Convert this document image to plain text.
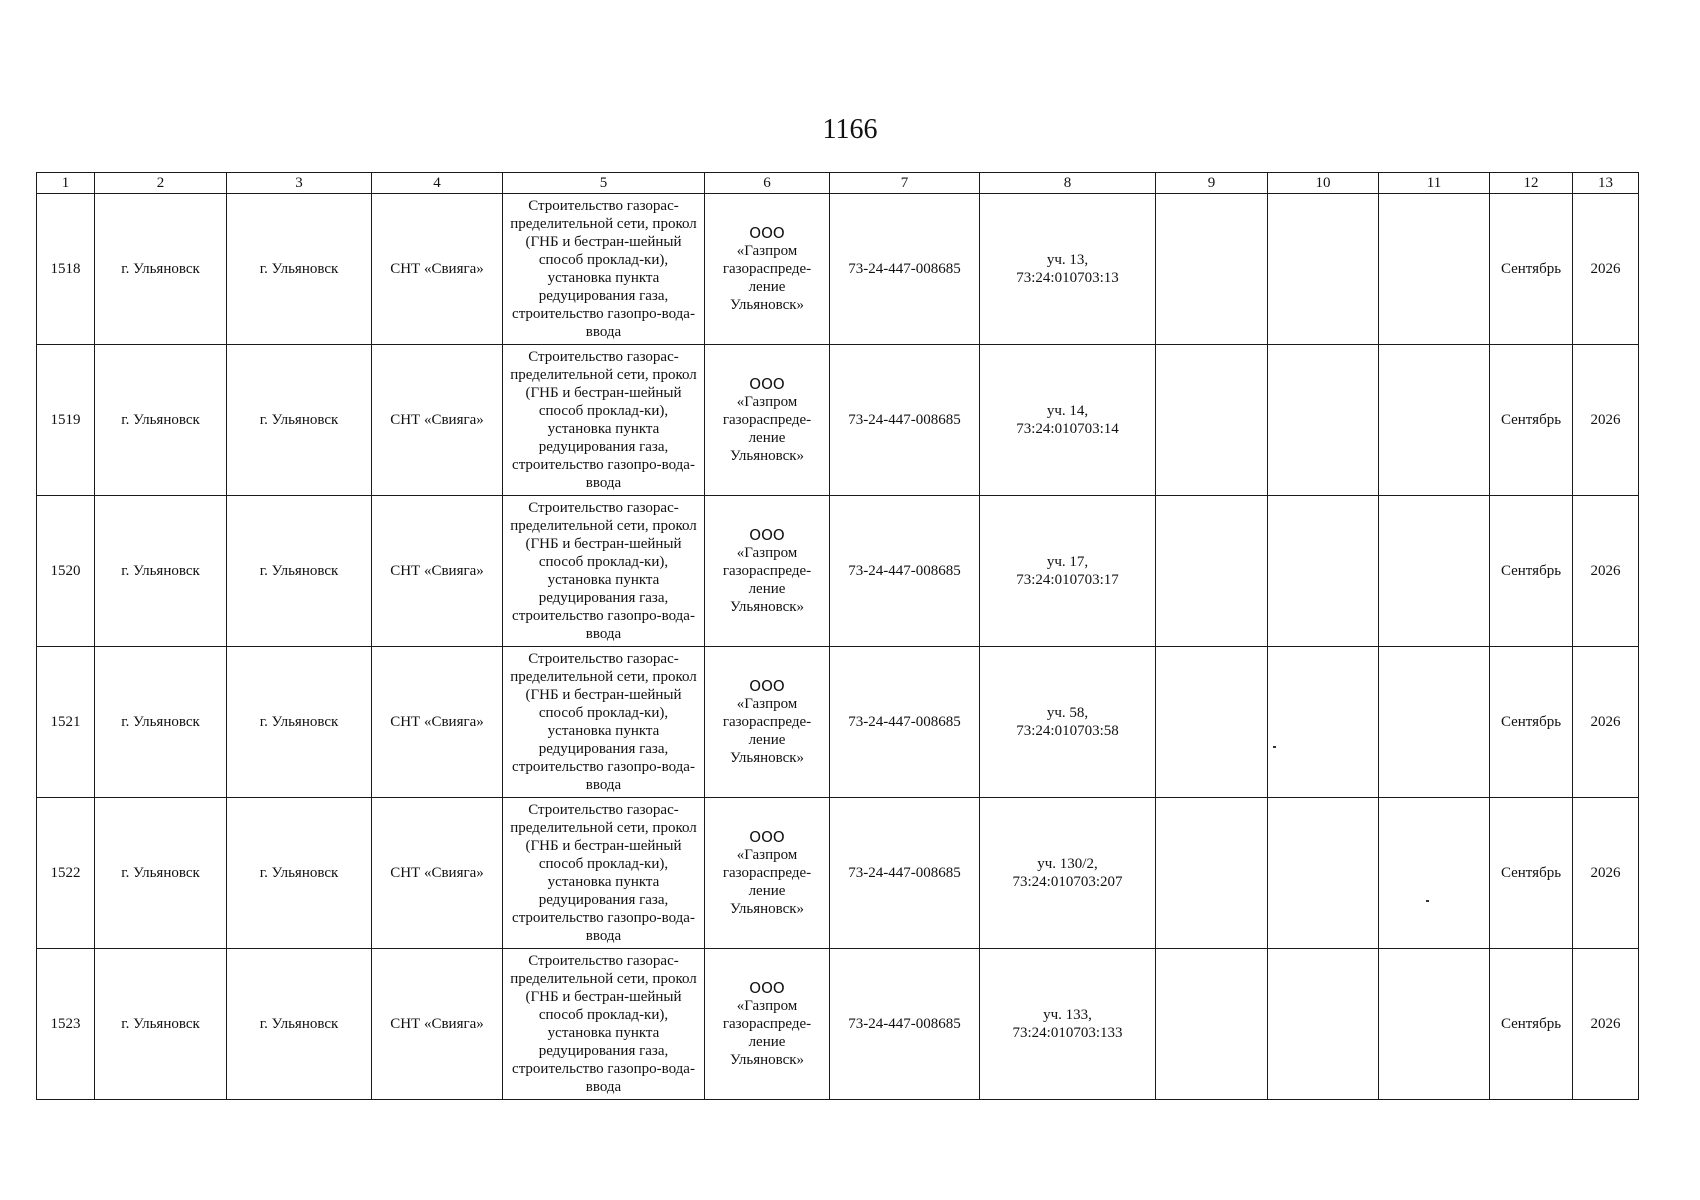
1166
1	2	3	4	5	6	7	8	9	10	11	12	13
1518	г. Ульяновск	г. Ульяновск	СНТ «Свияга»	Строительство газорас-пределительной сети, прокол (ГНБ и бестран-шейный способ проклад-ки), установка пункта редуцирования газа, строительство газопро-вода-ввода	ООО
«Газпром
газораспреде-
ление
Ульяновск»	73-24-447-008685	уч. 13,
73:24:010703:13				Сентябрь	2026
1519	г. Ульяновск	г. Ульяновск	СНТ «Свияга»	Строительство газорас-пределительной сети, прокол (ГНБ и бестран-шейный способ проклад-ки), установка пункта редуцирования газа, строительство газопро-вода-ввода	ООО
«Газпром
газораспреде-
ление
Ульяновск»	73-24-447-008685	уч. 14,
73:24:010703:14				Сентябрь	2026
1520	г. Ульяновск	г. Ульяновск	СНТ «Свияга»	Строительство газорас-пределительной сети, прокол (ГНБ и бестран-шейный способ проклад-ки), установка пункта редуцирования газа, строительство газопро-вода-ввода	ООО
«Газпром
газораспреде-
ление
Ульяновск»	73-24-447-008685	уч. 17,
73:24:010703:17				Сентябрь	2026
1521	г. Ульяновск	г. Ульяновск	СНТ «Свияга»	Строительство газорас-пределительной сети, прокол (ГНБ и бестран-шейный способ проклад-ки), установка пункта редуцирования газа, строительство газопро-вода-ввода	ООО
«Газпром
газораспреде-
ление
Ульяновск»	73-24-447-008685	уч. 58,
73:24:010703:58				Сентябрь	2026
1522	г. Ульяновск	г. Ульяновск	СНТ «Свияга»	Строительство газорас-пределительной сети, прокол (ГНБ и бестран-шейный способ проклад-ки), установка пункта редуцирования газа, строительство газопро-вода-ввода	ООО
«Газпром
газораспреде-
ление
Ульяновск»	73-24-447-008685	уч. 130/2,
73:24:010703:207				Сентябрь	2026
1523	г. Ульяновск	г. Ульяновск	СНТ «Свияга»	Строительство газорас-пределительной сети, прокол (ГНБ и бестран-шейный способ проклад-ки), установка пункта редуцирования газа, строительство газопро-вода-ввода	ООО
«Газпром
газораспреде-
ление
Ульяновск»	73-24-447-008685	уч. 133,
73:24:010703:133				Сентябрь	2026
